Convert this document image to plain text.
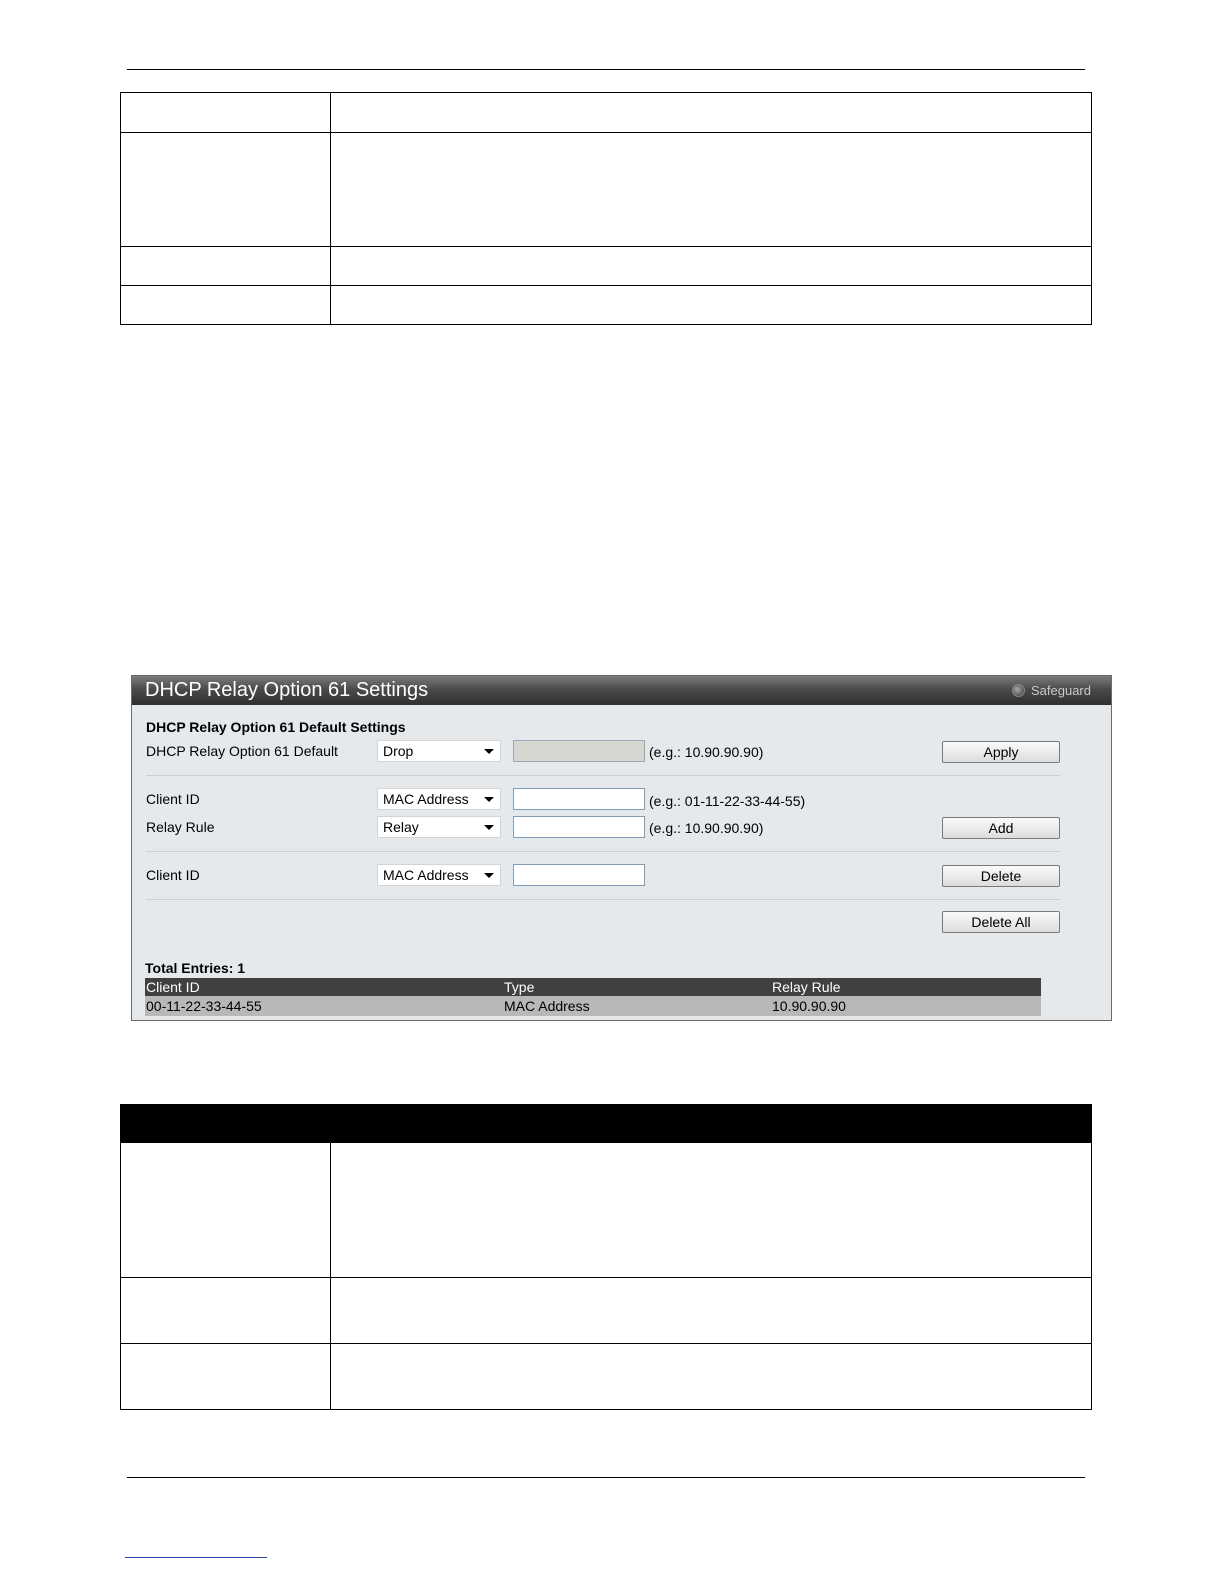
DHCP Relay Option 61 Settings	Safeguard
DHCP Relay Option 61 Default Settings
DHCP Relay Option 61 Default	Drop	(e.g.: 10.90.90.90)	Apply
Client ID	MAC Address	(e.g.: 01-11-22-33-44-55)
Relay Rule	Relay	(e.g.: 10.90.90.90)	Add
Client ID	MAC Address	Delete
Delete All
Total Entries: 1
Client ID	Type	Relay Rule
00-11-22-33-44-55	MAC Address	10.90.90.90
